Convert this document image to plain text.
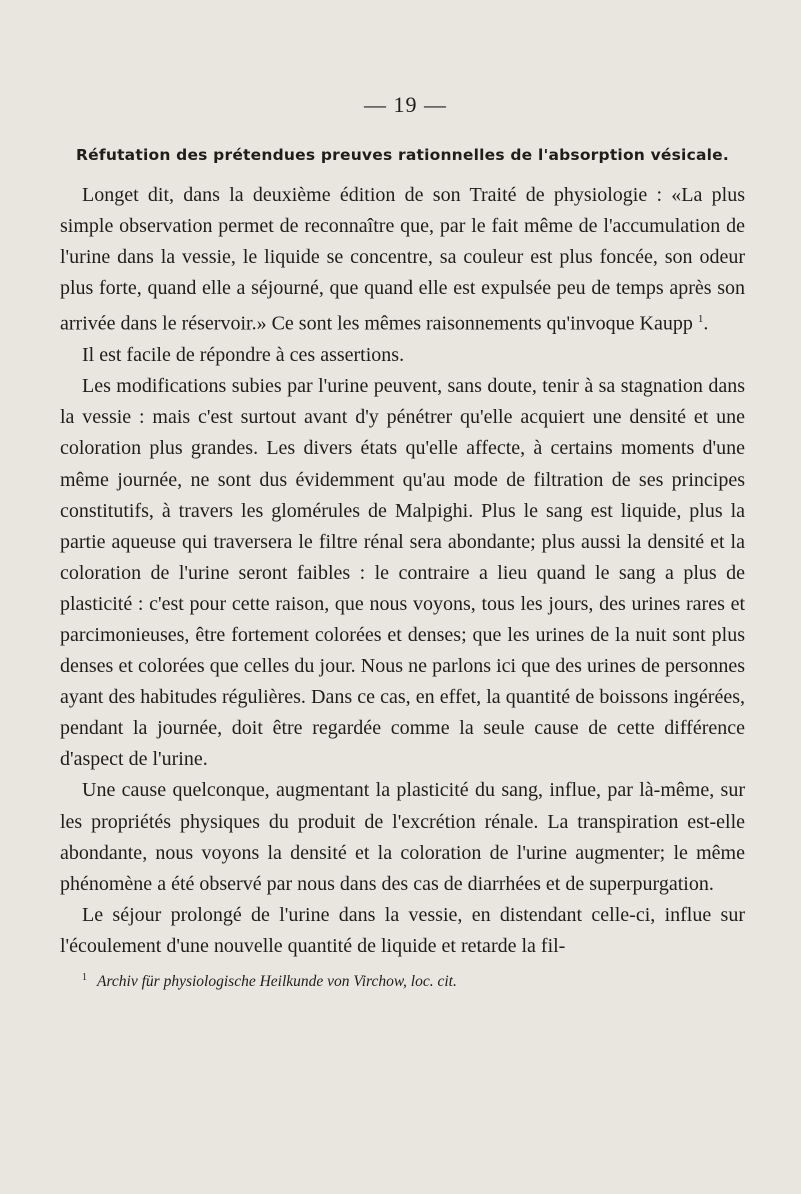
— 19 —
Réfutation des prétendues preuves rationnelles de l'absorption vésicale.

Longet dit, dans la deuxième édition de son Traité de physiologie : «La plus simple observation permet de reconnaître que, par le fait même de l'accumulation de l'urine dans la vessie, le liquide se concentre, sa couleur est plus foncée, son odeur plus forte, quand elle a séjourné, que quand elle est expulsée peu de temps après son arrivée dans le réservoir.» Ce sont les mêmes raisonnements qu'invoque Kaupp $^1$.

Il est facile de répondre à ces assertions.

Les modifications subies par l'urine peuvent, sans doute, tenir à sa stagnation dans la vessie : mais c'est surtout avant d'y pénétrer qu'elle acquiert une densité et une coloration plus grandes. Les divers états qu'elle affecte, à certains moments d'une même journée, ne sont dus évidemment qu'au mode de filtration de ses principes constitutifs, à travers les glomérules de Malpighi. Plus le sang est liquide, plus la partie aqueuse qui traversera le filtre rénal sera abondante; plus aussi la densité et la coloration de l'urine seront faibles : le contraire a lieu quand le sang a plus de plasticité : c'est pour cette raison, que nous voyons, tous les jours, des urines rares et parcimonieuses, être fortement colorées et denses; que les urines de la nuit sont plus denses et colorées que celles du jour. Nous ne parlons ici que des urines de personnes ayant des habitudes régulières. Dans ce cas, en effet, la quantité de boissons ingérées, pendant la journée, doit être regardée comme la seule cause de cette différence d'aspect de l'urine.

Une cause quelconque, augmentant la plasticité du sang, influe, par là-même, sur les propriétés physiques du produit de l'excrétion rénale. La transpiration est-elle abondante, nous voyons la densité et la coloration de l'urine augmenter; le même phénomène a été observé par nous dans des cas de diarrhées et de superpurgation.

Le séjour prolongé de l'urine dans la vessie, en distendant celle-ci, influe sur l'écoulement d'une nouvelle quantité de liquide et retarde la fil-

$^1$ Archiv für physiologische Heilkunde von Virchow, loc. cit.
